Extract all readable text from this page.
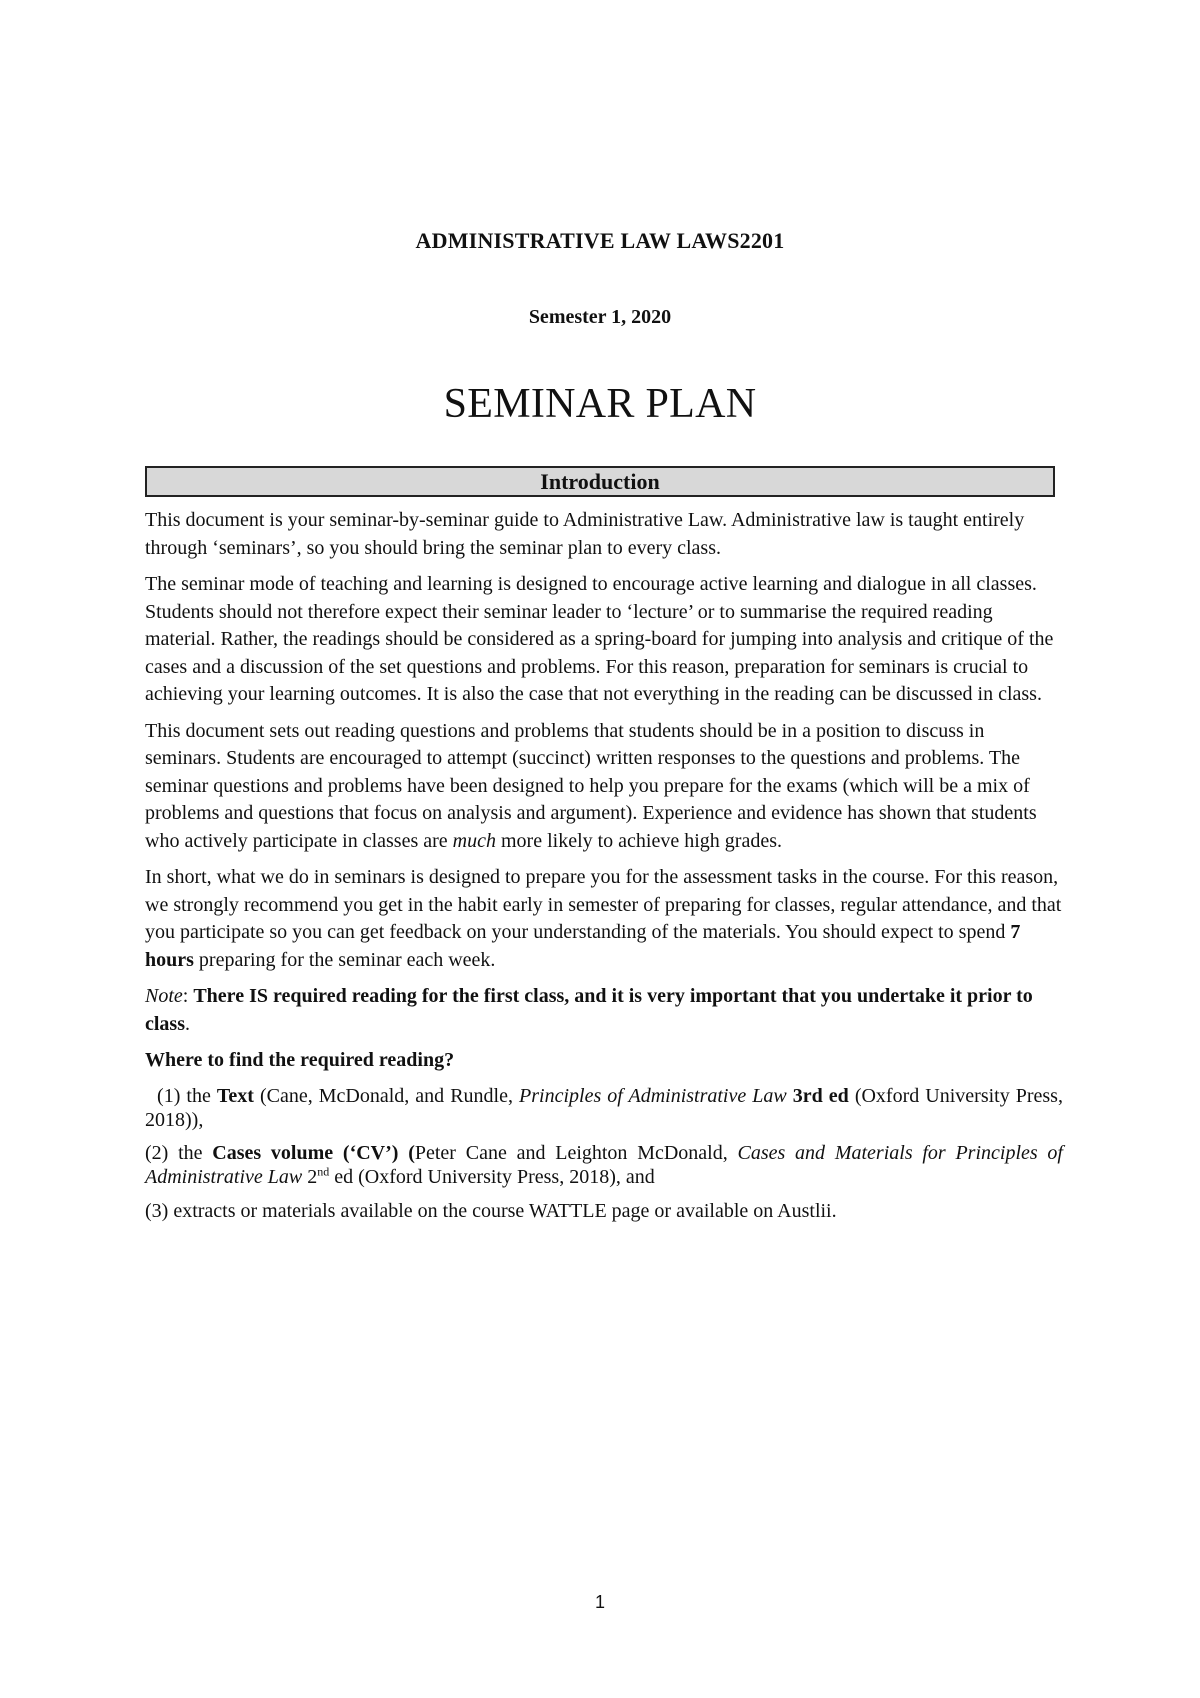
ADMINISTRATIVE LAW LAWS2201
Semester 1, 2020
SEMINAR PLAN
Introduction

This document is your seminar-by-seminar guide to Administrative Law. Administrative law is taught entirely through ‘seminars’, so you should bring the seminar plan to every class.

The seminar mode of teaching and learning is designed to encourage active learning and dialogue in all classes. Students should not therefore expect their seminar leader to ‘lecture’ or to summarise the required reading material. Rather, the readings should be considered as a spring-board for jumping into analysis and critique of the cases and a discussion of the set questions and problems. For this reason, preparation for seminars is crucial to achieving your learning outcomes. It is also the case that not everything in the reading can be discussed in class.

This document sets out reading questions and problems that students should be in a position to discuss in seminars. Students are encouraged to attempt (succinct) written responses to the questions and problems. The seminar questions and problems have been designed to help you prepare for the exams (which will be a mix of problems and questions that focus on analysis and argument). Experience and evidence has shown that students who actively participate in classes are much more likely to achieve high grades.

In short, what we do in seminars is designed to prepare you for the assessment tasks in the course. For this reason, we strongly recommend you get in the habit early in semester of preparing for classes, regular attendance, and that you participate so you can get feedback on your understanding of the materials. You should expect to spend 7 hours preparing for the seminar each week.

Note: There IS required reading for the first class, and it is very important that you undertake it prior to class.

Where to find the required reading?

(1) the Text (Cane, McDonald, and Rundle, Principles of Administrative Law 3rd ed (Oxford University Press, 2018)),

(2) the Cases volume (‘CV’) (Peter Cane and Leighton McDonald, Cases and Materials for Principles of Administrative Law 2nd ed (Oxford University Press, 2018), and

(3) extracts or materials available on the course WATTLE page or available on Austlii.

1
